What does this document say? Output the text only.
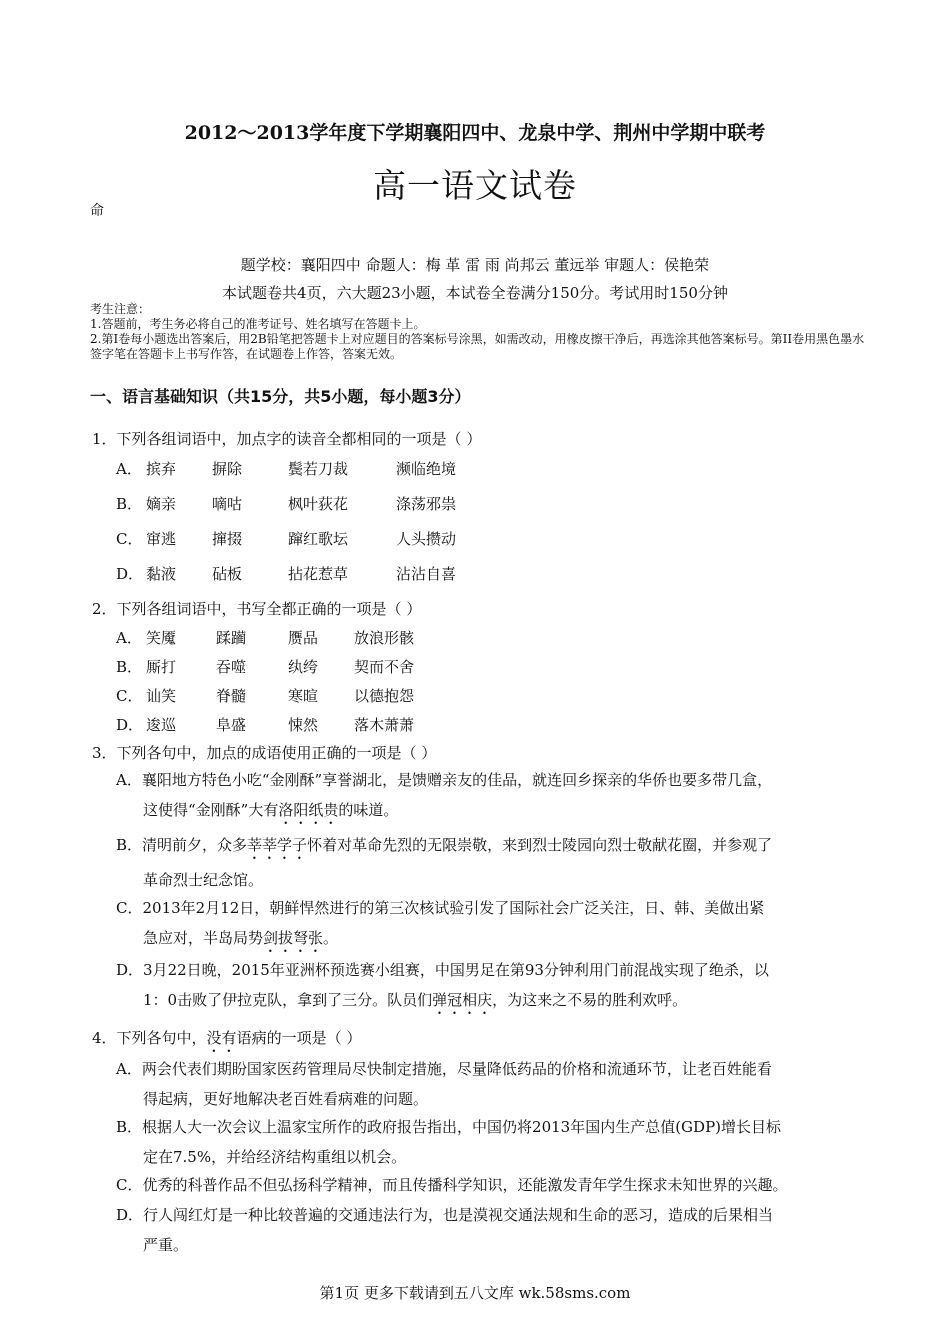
2012～2013学年度下学期襄阳四中、龙泉中学、荆州中学期中联考
高一语文试卷
命
题学校：襄阳四中 命题人：梅 革 雷 雨 尚邦云 董远举 审题人：侯艳荣
本试题卷共4页，六大题23小题，本试卷全卷满分150分。考试用时150分钟
考生注意：
1.答题前，考生务必将自己的准考证号、姓名填写在答题卡上。
2.第Ⅰ卷每小题选出答案后，用2B铅笔把答题卡上对应题目的答案标号涂黑，如需改动，用橡皮擦干净后，再选涂其他答案标号。第II卷用黑色墨水签字笔在答题卡上书写作答，在试题卷上作答，答案无效。
一、语言基础知识（共15分，共5小题，每小题3分）
1．下列各组词语中，加点字的读音全都相同的一项是（ ）
A． 摈弃	摒除	鬓若刀裁	濒临绝境
B． 嫡亲	嘀咕	枫叶荻花	涤荡邪祟
C． 窜逃	撺掇	蹿红歌坛	人头攒动
D． 黏液	砧板	拈花惹草	沾沾自喜
2．下列各组词语中，书写全都正确的一项是（ ）
A． 笑魇	蹂躏	赝品	放浪形骸
B． 厮打	吞噬	纨绔	契而不舍
C． 讪笑	脊髓	寒暄	以德抱怨
D． 逡巡	阜盛	悚然	落木萧萧
3．下列各句中，加点的成语使用正确的一项是（ ）
A．襄阳地方特色小吃“金刚酥”享誉湖北，是馈赠亲友的佳品，就连回乡探亲的华侨也要多带几盒，
这使得“金刚酥”大有洛阳纸贵的味道。
B．清明前夕，众多莘莘学子怀着对革命先烈的无限崇敬，来到烈士陵园向烈士敬献花圈，并参观了
革命烈士纪念馆。
C．2013年2月12日，朝鲜悍然进行的第三次核试验引发了国际社会广泛关注，日、韩、美做出紧
急应对，半岛局势剑拔弩张。
D．3月22日晚，2015年亚洲杯预选赛小组赛，中国男足在第93分钟利用门前混战实现了绝杀，以
1：0击败了伊拉克队，拿到了三分。队员们弹冠相庆，为这来之不易的胜利欢呼。
4．下列各句中，没有语病的一项是（ ）
A．两会代表们期盼国家医药管理局尽快制定措施，尽量降低药品的价格和流通环节，让老百姓能看
得起病，更好地解决老百姓看病难的问题。
B．根据人大一次会议上温家宝所作的政府报告指出，中国仍将2013年国内生产总值(GDP)增长目标
定在7.5%，并给经济结构重组以机会。
C．优秀的科普作品不但弘扬科学精神，而且传播科学知识，还能激发青年学生探求未知世界的兴趣。
D．行人闯红灯是一种比较普遍的交通违法行为，也是漠视交通法规和生命的恶习，造成的后果相当
严重。
第1页 更多下载请到五八文库 wk.58sms.com
